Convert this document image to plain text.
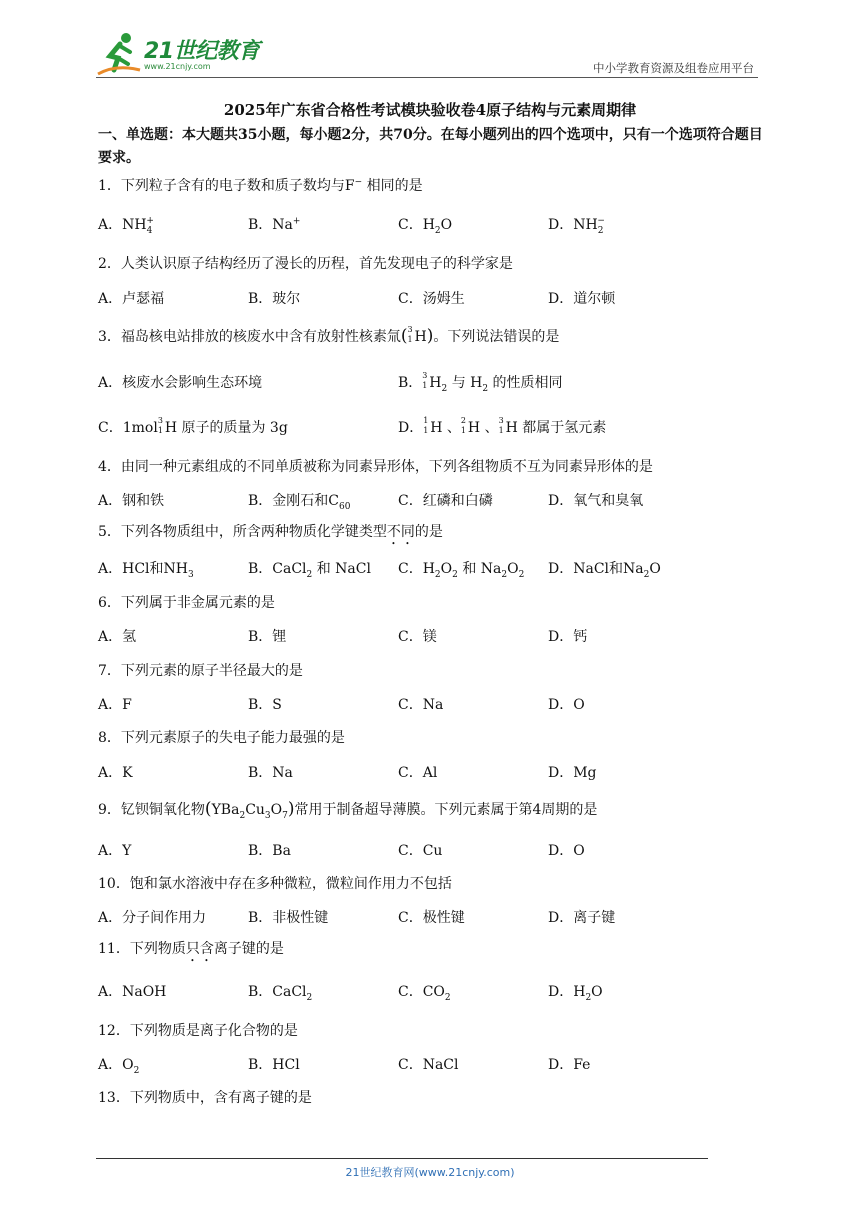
21世纪教育
www.21cnjy.com	中小学教育资源及组卷应用平台
2025年广东省合格性考试模块验收卷4原子结构与元素周期律
一、单选题：本大题共35小题，每小题2分，共70分。在每小题列出的四个选项中，只有一个选项符合题目要求。
1．下列粒子含有的电子数和质子数均与F− 相同的是
A．$NH_4^+$	B．Na+	C．$H_2O$	D．$NH_2^-$
2．人类认识原子结构经历了漫长的历程，首先发现电子的科学家是
A．卢瑟福	B．玻尔	C．汤姆生	D．道尔顿
3．福岛核电站排放的核废水中含有放射性核素氚( 3
1 H)。下列说法错误的是
A．核废水会影响生态环境	B． 3
1 $H_2$ 与 $H_2$ 的性质相同
C．1mol 3
1 H 原子的质量为 3g	D． 1
1 H 、 2
1 H 、 3
1 H 都属于氢元素
4．由同一种元素组成的不同单质被称为同素异形体，下列各组物质不互为同素异形体的是
A．钢和铁	B．金刚石和$C_{60}$	C．红磷和白磷	D．氧气和臭氧
5．下列各物质组中，所含两种物质化学键类型不同的是
A．HCl和$NH_3$	B．CaCl$_2$ 和 NaCl C．$H_2O_2$ 和 $Na_2O_2$ D．NaCl和$Na_2O$
6．下列属于非金属元素的是
A．氢	B．锂	C．镁	D．钙
7．下列元素的原子半径最大的是
A．F	B．S	C．Na	D．O
8．下列元素原子的失电子能力最强的是
A．K	B．Na	C．Al	D．Mg
9．钇钡铜氧化物$(YBa_2Cu_3O_7)$常用于制备超导薄膜。下列元素属于第4周期的是
A．Y	B．Ba	C．Cu	D．O
10．饱和氯水溶液中存在多种微粒，微粒间作用力不包括
A．分子间作用力	B．非极性键	C．极性键	D．离子键
11．下列物质只含离子键的是
A．NaOH	B．CaCl$_2$	C．$CO_2$	D．$H_2O$
12．下列物质是离子化合物的是
A．$O_2$	B．HCl	C．NaCl	D．Fe
13．下列物质中，含有离子键的是
21世纪教育网(www.21cnjy.com)
